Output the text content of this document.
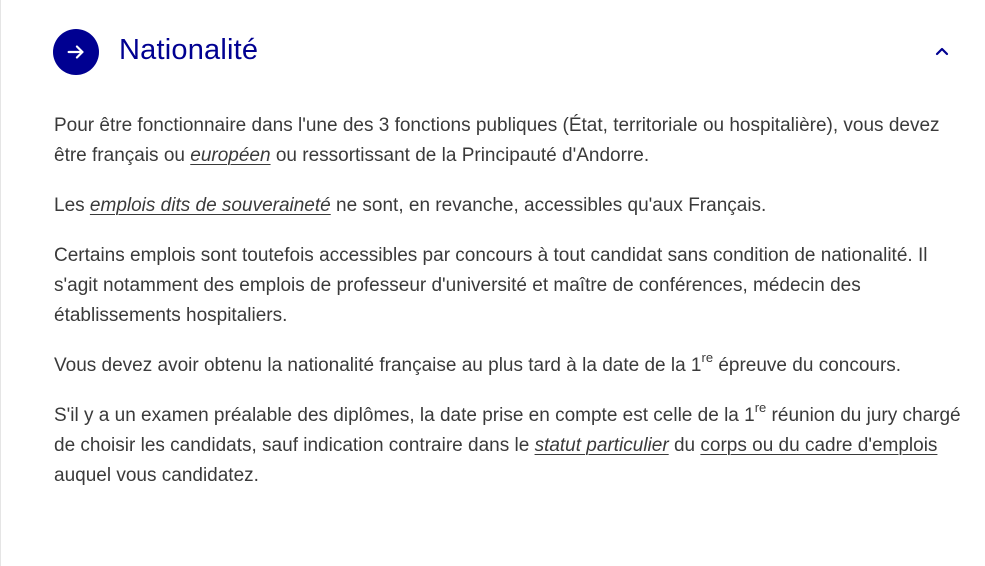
Nationalité

Pour être fonctionnaire dans l'une des 3 fonctions publiques (État, territoriale ou hospitalière), vous devez être français ou européen ou ressortissant de la Principauté d'Andorre.

Les emplois dits de souveraineté ne sont, en revanche, accessibles qu'aux Français.

Certains emplois sont toutefois accessibles par concours à tout candidat sans condition de nationalité. Il s'agit notamment des emplois de professeur d'université et maître de conférences, médecin des établissements hospitaliers.

Vous devez avoir obtenu la nationalité française au plus tard à la date de la 1re épreuve du concours.

S'il y a un examen préalable des diplômes, la date prise en compte est celle de la 1re réunion du jury chargé de choisir les candidats, sauf indication contraire dans le statut particulier du corps ou du cadre d'emplois auquel vous candidatez.
